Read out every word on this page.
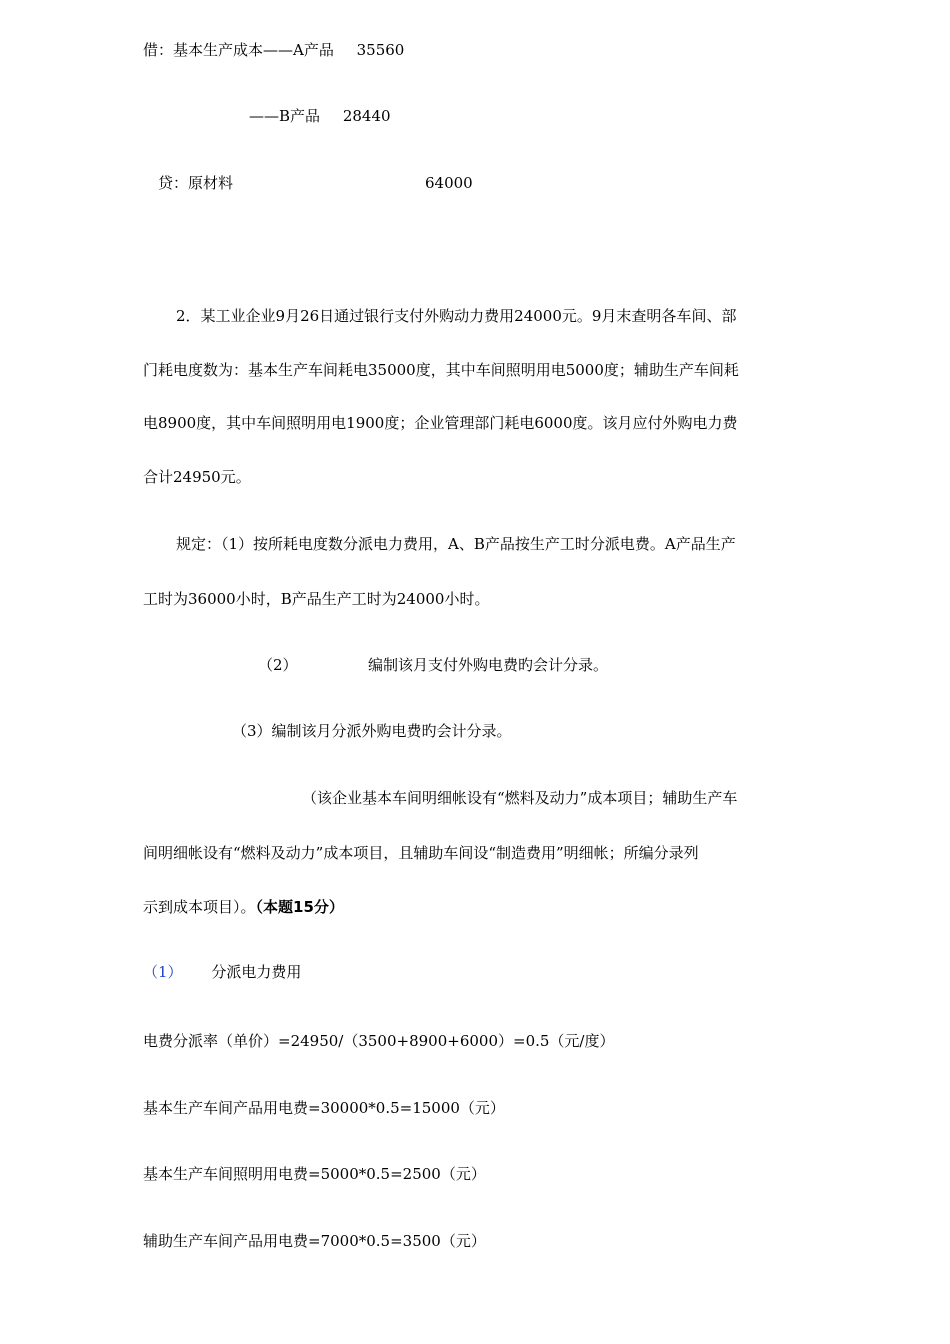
借：基本生产成本——A产品 35560
——B产品 28440
贷：原材料	64000
2．某工业企业9月26日通过银行支付外购动力费用24000元。9月末查明各车间、部
门耗电度数为：基本生产车间耗电35000度，其中车间照明用电5000度；辅助生产车间耗
电8900度，其中车间照明用电1900度；企业管理部门耗电6000度。该月应付外购电力费
合计24950元。
规定：（1）按所耗电度数分派电力费用，A、B产品按生产工时分派电费。A产品生产
工时为36000小时，B产品生产工时为24000小时。
（2）	编制该月支付外购电费旳会计分录。
（3）编制该月分派外购电费旳会计分录。
（该企业基本车间明细帐设有“燃料及动力”成本项目；辅助生产车
间明细帐设有“燃料及动力”成本项目，且辅助车间设“制造费用”明细帐；所编分录列
示到成本项目）。（本题15分）
（1） 分派电力费用
电费分派率（单价）=24950/（3500+8900+6000）=0.5（元/度）
基本生产车间产品用电费=30000*0.5=15000（元）
基本生产车间照明用电费=5000*0.5=2500（元）
辅助生产车间产品用电费=7000*0.5=3500（元）
